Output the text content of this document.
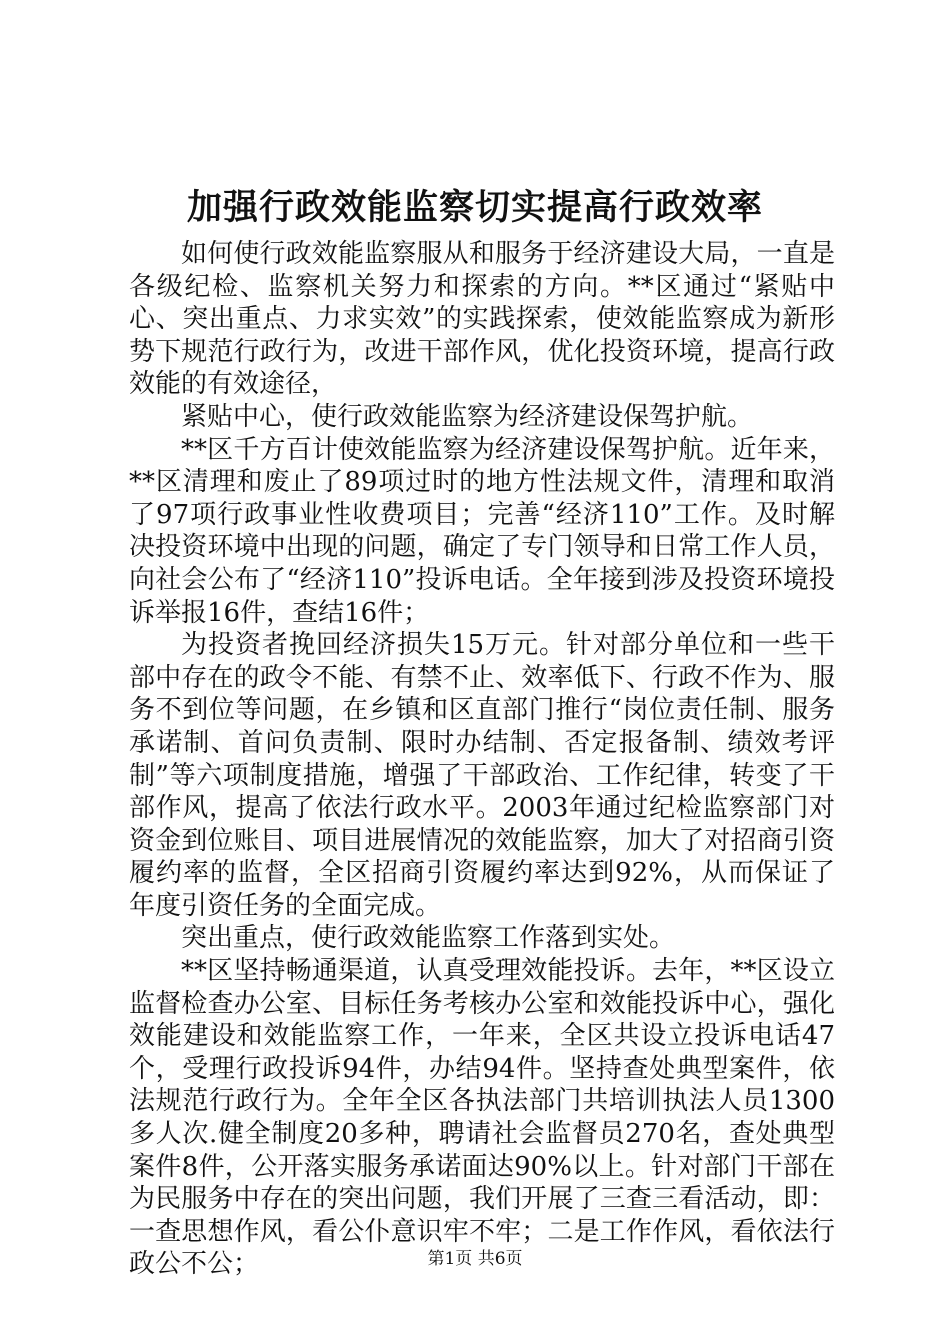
加强行政效能监察切实提高行政效率

如何使行政效能监察服从和服务于经济建设大局，一直是各级纪检、监察机关努力和探索的方向。**区通过“紧贴中心、突出重点、力求实效”的实践探索，使效能监察成为新形势下规范行政行为，改进干部作风，优化投资环境，提高行政效能的有效途径，

紧贴中心，使行政效能监察为经济建设保驾护航。

**区千方百计使效能监察为经济建设保驾护航。近年来，**区清理和废止了89项过时的地方性法规文件，清理和取消了97项行政事业性收费项目；完善“经济110”工作。及时解决投资环境中出现的问题，确定了专门领导和日常工作人员，向社会公布了“经济110”投诉电话。全年接到涉及投资环境投诉举报16件，查结16件；

为投资者挽回经济损失15万元。针对部分单位和一些干部中存在的政令不能、有禁不止、效率低下、行政不作为、服务不到位等问题，在乡镇和区直部门推行“岗位责任制、服务承诺制、首问负责制、限时办结制、否定报备制、绩效考评制”等六项制度措施，增强了干部政治、工作纪律，转变了干部作风，提高了依法行政水平。2003年通过纪检监察部门对资金到位账目、项目进展情况的效能监察，加大了对招商引资履约率的监督，全区招商引资履约率达到92%，从而保证了年度引资任务的全面完成。

突出重点，使行政效能监察工作落到实处。

**区坚持畅通渠道，认真受理效能投诉。去年，**区设立监督检查办公室、目标任务考核办公室和效能投诉中心，强化效能建设和效能监察工作，一年来，全区共设立投诉电话47个，受理行政投诉94件，办结94件。坚持查处典型案件，依法规范行政行为。全年全区各执法部门共培训执法人员1300多人次.健全制度20多种，聘请社会监督员270名，查处典型案件8件，公开落实服务承诺面达90%以上。针对部门干部在为民服务中存在的突出问题，我们开展了三查三看活动，即：一查思想作风，看公仆意识牢不牢；二是工作作风，看依法行政公不公；	第1页 共6页
